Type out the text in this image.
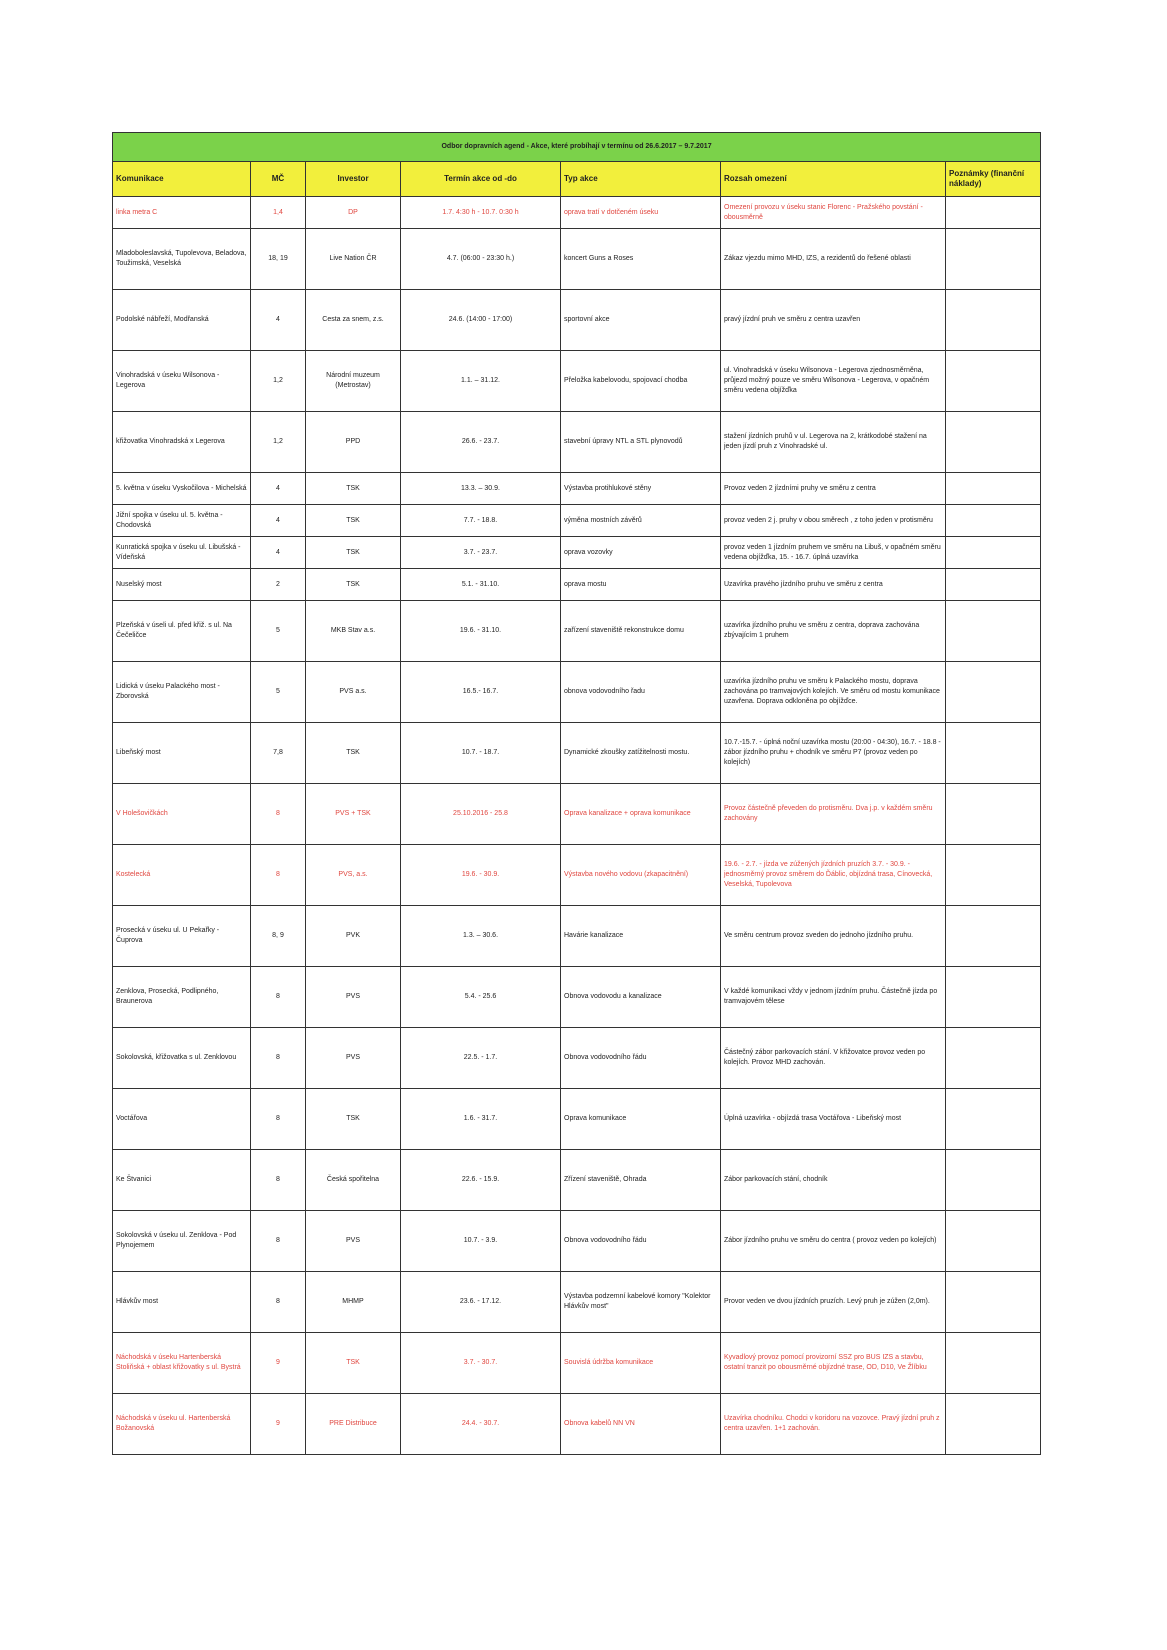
Odbor dopravních agend - Akce, které probíhají v termínu od 26.6.2017 – 9.7.2017						
Komunikace	MČ	Investor	Termín akce od -do	Typ akce	Rozsah omezení	Poznámky (finanční náklady)
linka metra C	1,4	DP	1.7. 4:30 h - 10.7. 0:30 h	oprava tratí v dotčeném úseku	Omezení provozu v úseku stanic Florenc - Pražského povstání - obousměrně	
Mladoboleslavská, Tupolevova, Beladova, Toužimská, Veselská	18, 19	Live Nation ČR	4.7. (06:00 - 23:30 h.)	koncert Guns a Roses	Zákaz vjezdu mimo MHD, IZS, a rezidentů do řešené oblasti	
Podolské nábřeží, Modřanská	4	Cesta za snem, z.s.	24.6. (14:00 - 17:00)	sportovní akce	pravý jízdní pruh ve směru z centra uzavřen	
Vinohradská v úseku Wilsonova - Legerova	1,2	Národní muzeum (Metrostav)	1.1. – 31.12.	Přeložka kabelovodu, spojovací chodba	ul. Vinohradská v úseku Wilsonova - Legerova zjednosměrněna, průjezd možný pouze ve směru Wilsonova - Legerova, v opačném směru vedena objížďka	
křižovatka Vinohradská x Legerova	1,2	PPD	26.6. - 23.7.	stavební úpravy NTL a STL plynovodů	stažení jízdních pruhů v ul. Legerova na 2, krátkodobé stažení na jeden jízdí pruh z Vinohradské ul.	
5. května v úseku Vyskočilova - Michelská	4	TSK	13.3. – 30.9.	Výstavba protihlukové stěny	Provoz veden 2 jízdními pruhy ve směru z centra	
Jižní spojka v úseku ul. 5. května - Chodovská	4	TSK	7.7. - 18.8.	výměna mostních závěrů	provoz veden 2 j. pruhy v obou směrech , z toho jeden v protisměru	
Kunratická spojka v úseku ul. Libušská - Vídeňská	4	TSK	3.7. - 23.7.	oprava vozovky	provoz veden 1 jízdním pruhem ve směru na Libuš, v opačném směru vedena objížďka, 15. - 16.7. úplná uzavírka	
Nuselský most	2	TSK	5.1. - 31.10.	oprava mostu	Uzavírka pravého jízdního pruhu ve směru z centra	
Plzeňská v úseli ul. před křiž. s ul. Na Čečeličce	5	MKB Stav a.s.	19.6. - 31.10.	zařízení staveniště rekonstrukce domu	uzavírka jízdního pruhu ve směru z centra, doprava zachována zbývajícím 1 pruhem	
Lidická v úseku Palackého most - Zborovská	5	PVS a.s.	16.5.- 16.7.	obnova vodovodního řadu	uzavírka jízdního pruhu ve směru k Palackého mostu, doprava zachována po tramvajových kolejích. Ve směru od mostu komunikace uzavřena. Doprava odkloněna po objížďce.	
Libeňský most	7,8	TSK	10.7. - 18.7.	Dynamické zkoušky zatížitelnosti mostu.	10.7.-15.7. - úplná noční uzavírka mostu (20:00 - 04:30), 16.7. - 18.8 - zábor jízdního pruhu + chodník ve směru P7 (provoz veden po kolejích)	
V Holešovičkách	8	PVS + TSK	25.10.2016 - 25.8	Oprava kanalizace + oprava komunikace	Provoz částečně převeden do protisměru. Dva j.p. v každém směru zachovány	
Kostelecká	8	PVS, a.s.	19.6. - 30.9.	Výstavba nového vodovu (zkapacitnění)	19.6. - 2.7. - jízda ve zúžených jízdních pruzích 3.7. - 30.9. - jednosměrný provoz směrem do Ďáblic, objízdná trasa, Cínovecká, Veselská, Tupolevova	
Prosecká v úseku ul. U Pekařky - Čuprova	8, 9	PVK	1.3. – 30.6.	Havárie kanalizace	Ve směru centrum provoz sveden do jednoho jízdního pruhu.	
Zenklova, Prosecká, Podlipného, Braunerova	8	PVS	5.4. - 25.6	Obnova vodovodu a kanalizace	V každé komunikaci vždy v jednom jízdním pruhu. Částečně jízda po tramvajovém tělese	
Sokolovská, křižovatka s ul. Zenklovou	8	PVS	22.5. - 1.7.	Obnova vodovodního řádu	Částečný zábor parkovacích stání. V křižovatce provoz veden po kolejích. Provoz MHD zachován.	
Voctářova	8	TSK	1.6. - 31.7.	Oprava komunikace	Úplná uzavírka - objízdá trasa Voctářova - Libeňský most	
Ke Štvanici	8	Česká spořitelna	22.6. - 15.9.	Zřízení staveniště, Ohrada	Zábor parkovacích stání, chodník	
Sokolovská v úseku ul. Zenklova - Pod Plynojemem	8	PVS	10.7. - 3.9.	Obnova vodovodního řádu	Zábor jízdního pruhu ve směru do centra ( provoz veden po kolejích)	
Hlávkův most	8	MHMP	23.6. - 17.12.	Výstavba podzemní kabelové komory "Kolektor Hlávkův most"	Provor veden ve dvou jízdních pruzích. Levý pruh je zúžen (2,0m).	
Náchodská v úseku Hartenberská Stoliňská + oblast křižovatky s ul. Bystrá	9	TSK	3.7. - 30.7.	Souvislá údržba komunikace	Kyvadlový provoz pomocí provizorní SSZ pro BUS IZS a stavbu, ostatní tranzit po obousměrné objízdné trase, OD, D10, Ve Žlíbku	
Náchodská v úseku ul. Hartenberská Božanovská	9	PRE Distribuce	24.4. - 30.7.	Obnova kabelů NN VN	Uzavírka chodníku. Chodci v koridoru na vozovce. Pravý jízdní pruh z centra uzavřen. 1+1 zachován.	
